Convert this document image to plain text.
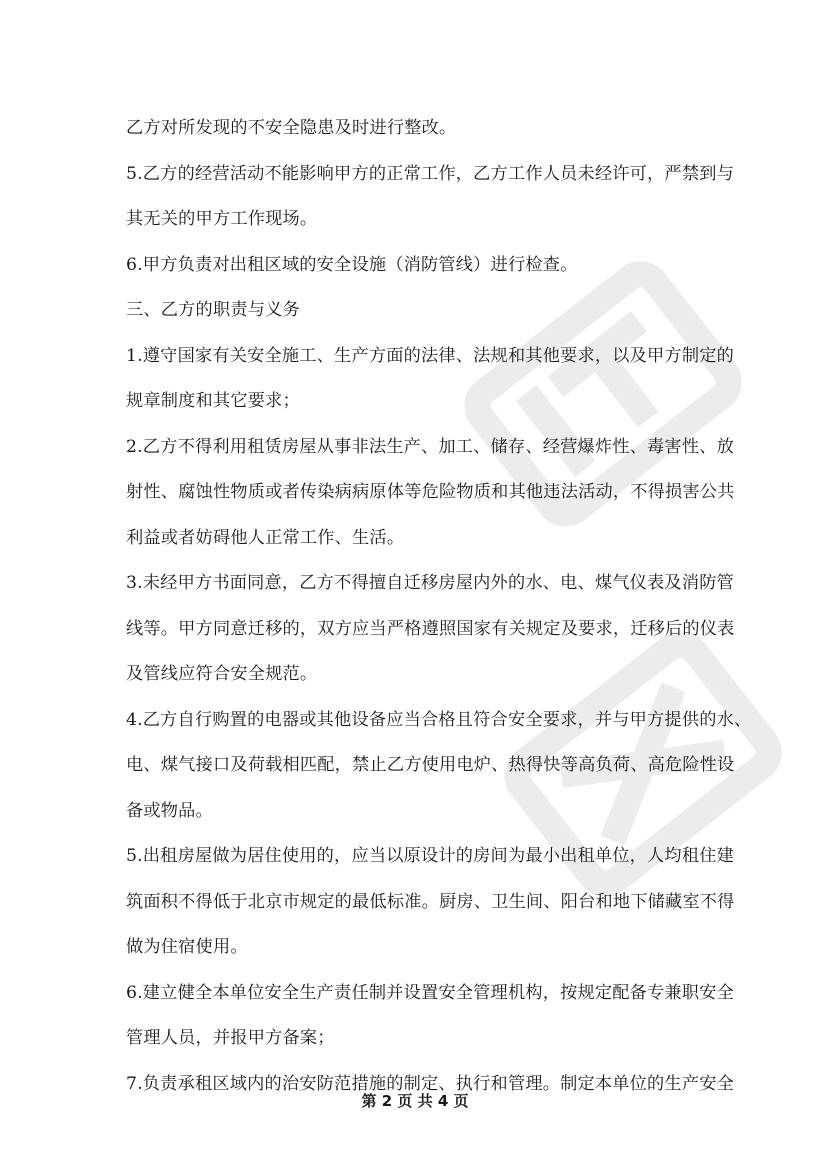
乙方对所发现的不安全隐患及时进行整改。
5.乙方的经营活动不能影响甲方的正常工作，乙方工作人员未经许可，严禁到与
其无关的甲方工作现场。
6.甲方负责对出租区域的安全设施（消防管线）进行检查。
三、乙方的职责与义务
1.遵守国家有关安全施工、生产方面的法律、法规和其他要求，以及甲方制定的
规章制度和其它要求；
2.乙方不得利用租赁房屋从事非法生产、加工、储存、经营爆炸性、毒害性、放
射性、腐蚀性物质或者传染病病原体等危险物质和其他违法活动，不得损害公共
利益或者妨碍他人正常工作、生活。
3.未经甲方书面同意，乙方不得擅自迁移房屋内外的水、电、煤气仪表及消防管
线等。甲方同意迁移的，双方应当严格遵照国家有关规定及要求，迁移后的仪表
及管线应符合安全规范。
4.乙方自行购置的电器或其他设备应当合格且符合安全要求，并与甲方提供的水、
电、煤气接口及荷载相匹配，禁止乙方使用电炉、热得快等高负荷、高危险性设
备或物品。
5.出租房屋做为居住使用的，应当以原设计的房间为最小出租单位，人均租住建
筑面积不得低于北京市规定的最低标准。厨房、卫生间、阳台和地下储藏室不得
做为住宿使用。
6.建立健全本单位安全生产责任制并设置安全管理机构，按规定配备专兼职安全
管理人员，并报甲方备案；
7.负责承租区域内的治安防范措施的制定、执行和管理。制定本单位的生产安全
第 2 页 共 4 页
